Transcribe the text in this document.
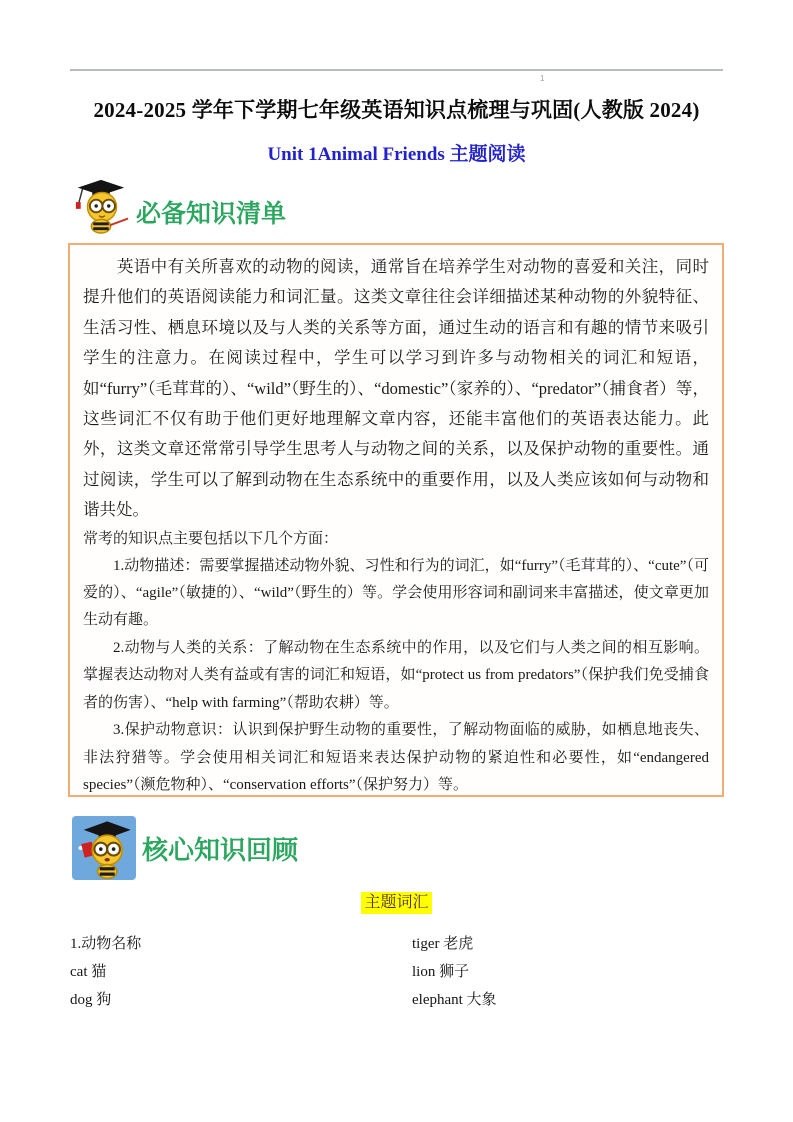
1
2024-2025 学年下学期七年级英语知识点梳理与巩固(人教版 2024)
Unit 1Animal Friends 主题阅读
必备知识清单

英语中有关所喜欢的动物的阅读，通常旨在培养学生对动物的喜爱和关注，同时提升他们的英语阅读能力和词汇量。这类文章往往会详细描述某种动物的外貌特征、生活习性、栖息环境以及与人类的关系等方面，通过生动的语言和有趣的情节来吸引学生的注意力。在阅读过程中，学生可以学习到许多与动物相关的词汇和短语，如“furry”（毛茸茸的）、“wild”（野生的）、“domestic”（家养的）、“predator”（捕食者）等，这些词汇不仅有助于他们更好地理解文章内容，还能丰富他们的英语表达能力。此外，这类文章还常常引导学生思考人与动物之间的关系，以及保护动物的重要性。通过阅读，学生可以了解到动物在生态系统中的重要作用，以及人类应该如何与动物和谐共处。

常考的知识点主要包括以下几个方面：

1.动物描述：需要掌握描述动物外貌、习性和行为的词汇，如“furry”（毛茸茸的）、“cute”（可爱的）、“agile”（敏捷的）、“wild”（野生的）等。学会使用形容词和副词来丰富描述，使文章更加生动有趣。

2.动物与人类的关系：了解动物在生态系统中的作用，以及它们与人类之间的相互影响。掌握表达动物对人类有益或有害的词汇和短语，如“protect us from predators”（保护我们免受捕食者的伤害）、“help with farming”（帮助农耕）等。

3.保护动物意识：认识到保护野生动物的重要性，了解动物面临的威胁，如栖息地丧失、非法狩猎等。学会使用相关词汇和短语来表达保护动物的紧迫性和必要性，如“endangered species”（濒危物种）、“conservation efforts”（保护努力）等。

核心知识回顾
主题词汇
1.动物名称	tiger 老虎
cat 猫	lion 狮子
dog 狗	elephant 大象
